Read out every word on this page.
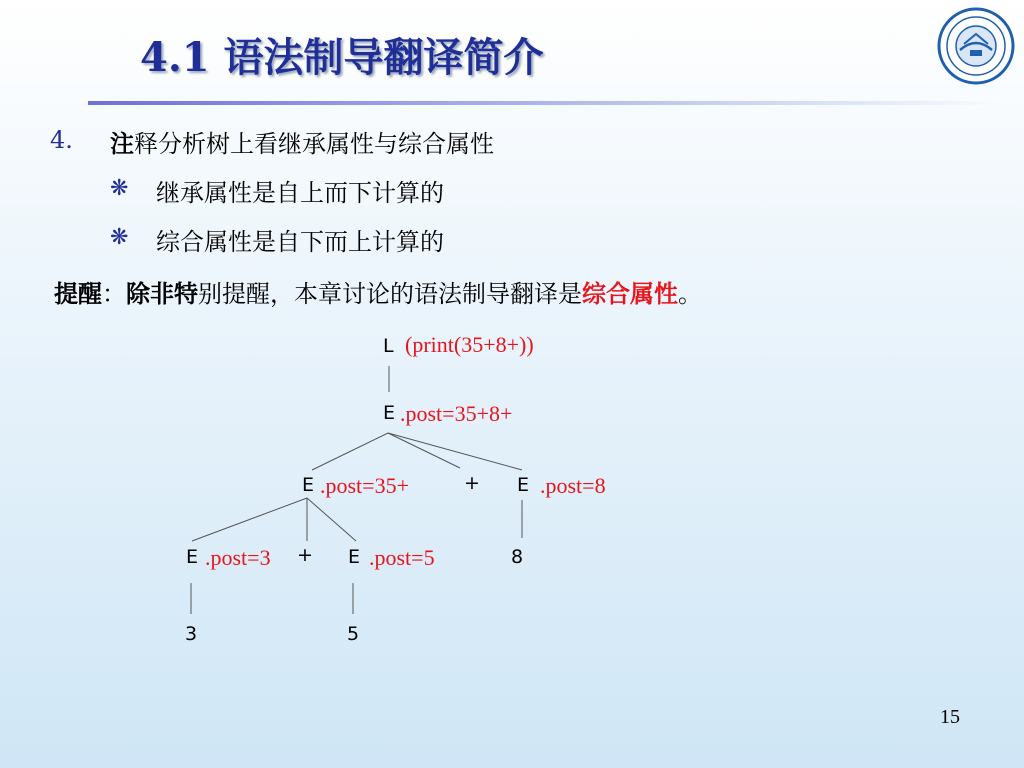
4.1 语法制导翻译简介
4. 注释分析树上看继承属性与综合属性
❋ 继承属性是自上而下计算的
❋ 综合属性是自下而上计算的
提醒：除非特别提醒，本章讨论的语法制导翻译是综合属性。
L (print(35+8+))
E .post=35+8+
E .post=35+	+ E .post=8
E .post=3 + E .post=5	8
3	5
15
